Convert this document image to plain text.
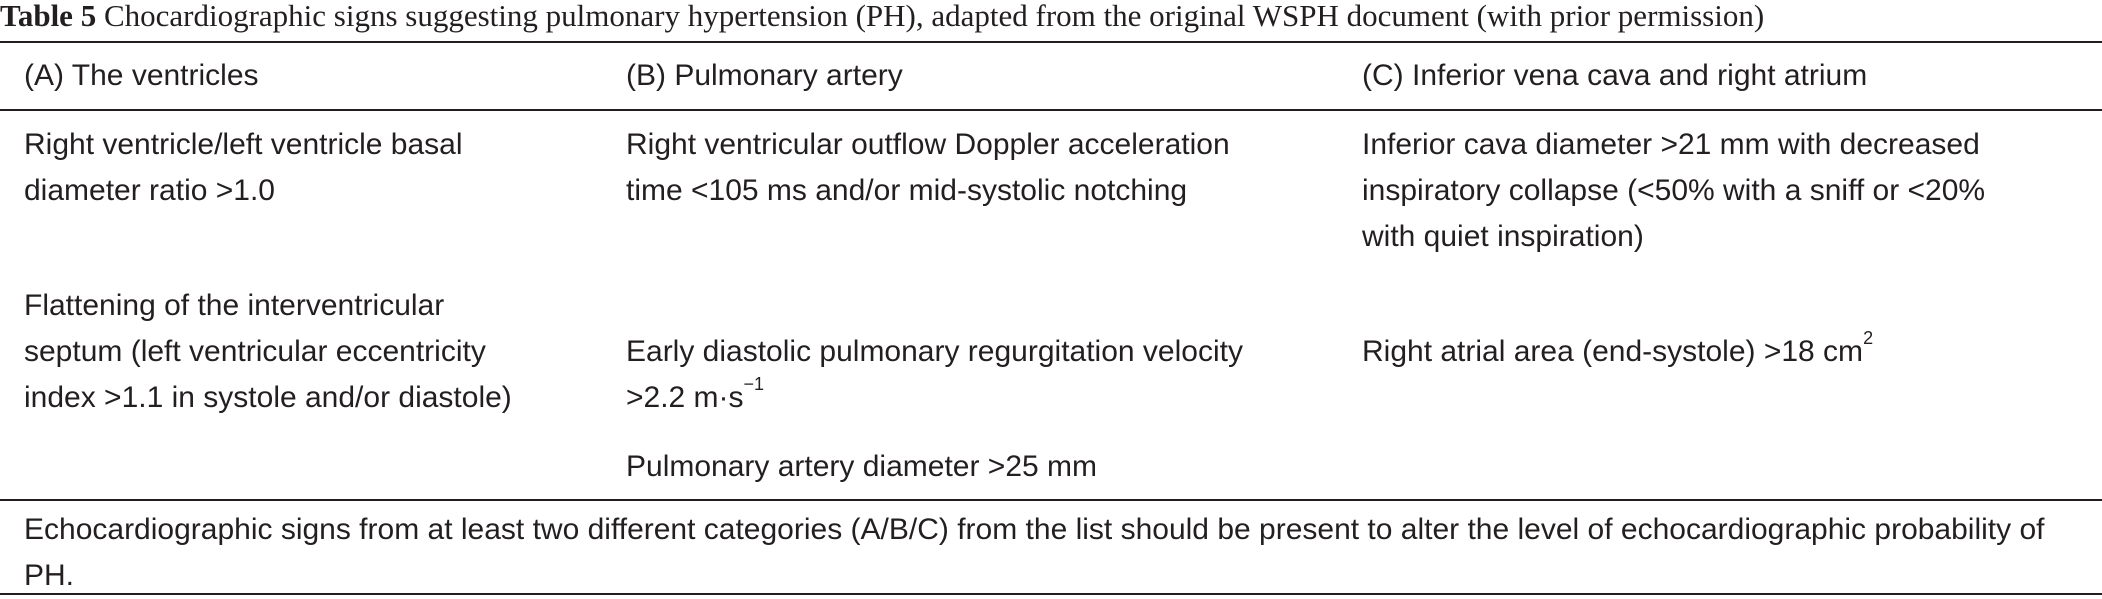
Table 5 Chocardiographic signs suggesting pulmonary hypertension (PH), adapted from the original WSPH document (with prior permission)
(A) The ventricles	(B) Pulmonary artery	(C) Inferior vena cava and right atrium
Right ventricle/left ventricle basal
diameter ratio >1.0
Right ventricular outflow Doppler acceleration
time <105 ms and/or mid-systolic notching
Inferior cava diameter >21 mm with decreased
inspiratory collapse (<50% with a sniff or <20%
with quiet inspiration)
Flattening of the interventricular
septum (left ventricular eccentricity
index >1.1 in systole and/or diastole)

Early diastolic pulmonary regurgitation velocity
>2.2 $m\cdot s^{-1}$

Right atrial area (end-systole) >18 $cm^2$

Pulmonary artery diameter >25 mm
Echocardiographic signs from at least two different categories (A/B/C) from the list should be present to alter the level of echocardiographic probability of PH.
